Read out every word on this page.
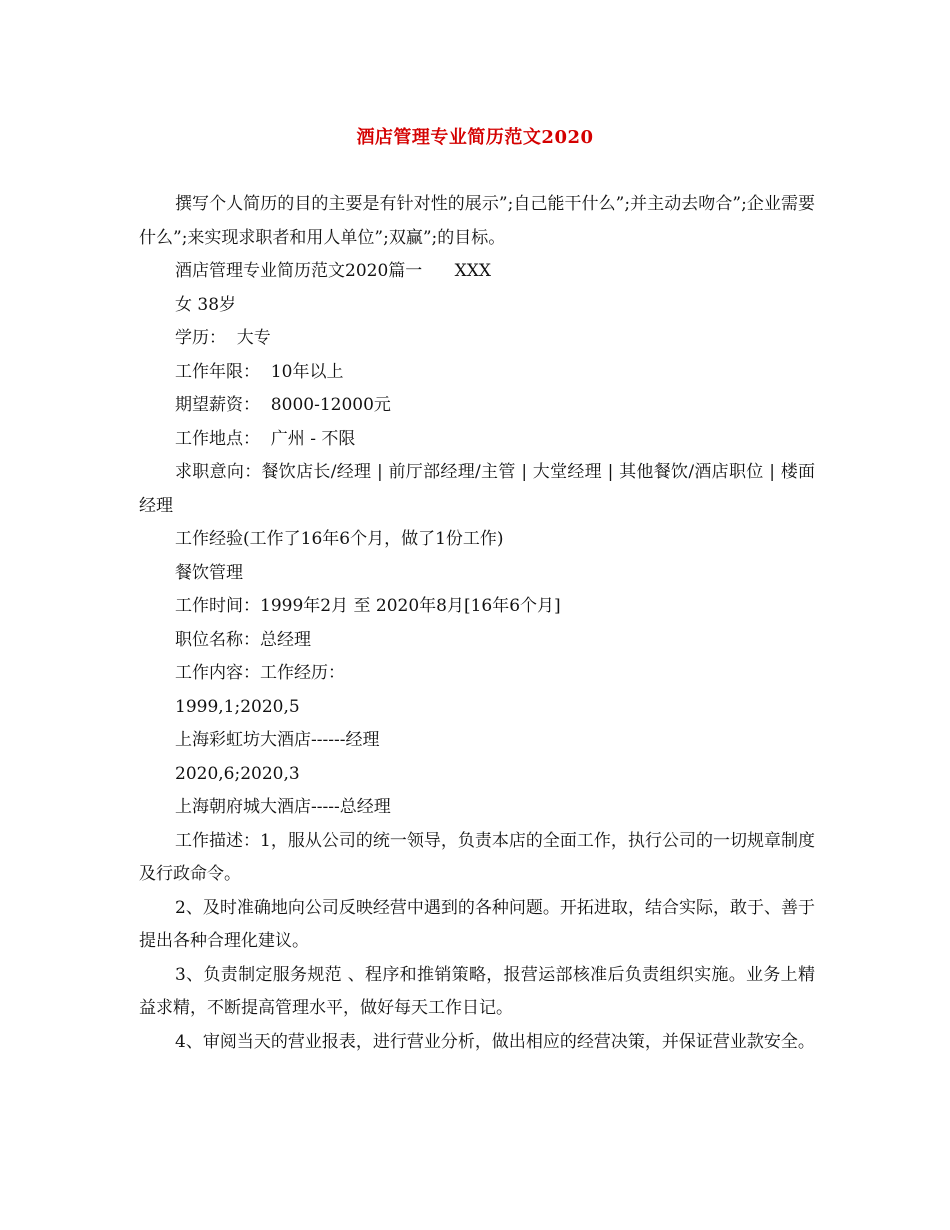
酒店管理专业简历范文2020

撰写个人简历的目的主要是有针对性的展示”;自己能干什么”;并主动去吻合”;企业需要什么”;来实现求职者和用人单位”;双赢”;的目标。

酒店管理专业简历范文2020篇一      XXX

女 38岁

学历：  大专

工作年限：  10年以上

期望薪资：  8000-12000元

工作地点：  广州 - 不限

求职意向：餐饮店长/经理 | 前厅部经理/主管 | 大堂经理 | 其他餐饮/酒店职位 | 楼面经理

工作经验(工作了16年6个月，做了1份工作)

餐饮管理

工作时间：1999年2月 至 2020年8月[16年6个月]

职位名称：总经理

工作内容：工作经历：

1999,1;2020,5

上海彩虹坊大酒店------经理

2020,6;2020,3

上海朝府城大酒店-----总经理

工作描述：1，服从公司的统一领导，负责本店的全面工作，执行公司的一切规章制度及行政命令。

2、及时准确地向公司反映经营中遇到的各种问题。开拓进取，结合实际，敢于、善于提出各种合理化建议。

3、负责制定服务规范 、程序和推销策略，报营运部核准后负责组织实施。业务上精益求精，不断提高管理水平，做好每天工作日记。

4、审阅当天的营业报表，进行营业分析，做出相应的经营决策，并保证营业款安全。
